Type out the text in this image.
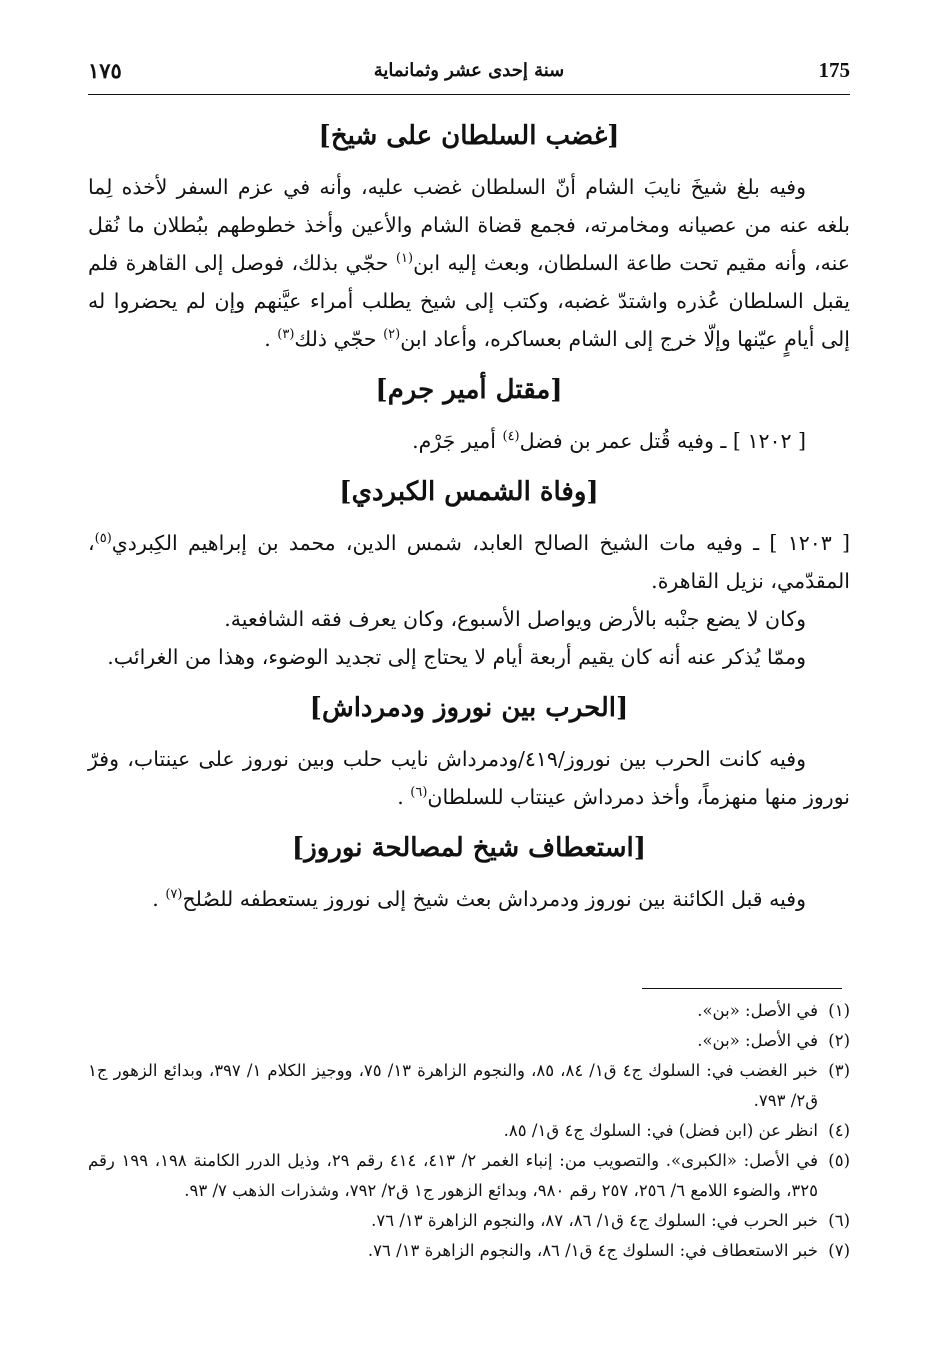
175
سنة إحدى عشر وثمانماية
١٧٥
[غضب السلطان على شيخ]

وفيه بلغ شيخَ نايبَ الشام أنّ السلطان غضب عليه، وأنه في عزم السفر لأخذه لِما بلغه عنه من عصيانه ومخامرته، فجمع قضاة الشام والأعين وأخذ خطوطهم ببُطلان ما نُقل عنه، وأنه مقيم تحت طاعة السلطان، وبعث إليه ابن$^{(١)}$ حجّي بذلك، فوصل إلى القاهرة فلم يقبل السلطان عُذره واشتدّ غضبه، وكتب إلى شيخ يطلب أمراء عيَّنهم وإن لم يحضروا له إلى أيامٍ عيّنها وإلّا خرج إلى الشام بعساكره، وأعاد ابن$^{(٢)}$ حجّي ذلك$^{(٣)}$ .

[مقتل أمير جرم]

[ ١٢٠٢ ] ـ وفيه قُتل عمر بن فضل$^{(٤)}$ أمير جَرْم.

[وفاة الشمس الكبردي]

[ ١٢٠٣ ] ـ وفيه مات الشيخ الصالح العابد، شمس الدين، محمد بن إبراهيم الكِبردي$^{(٥)}$، المقدّمي، نزيل القاهرة.

وكان لا يضع جنْبه بالأرض ويواصل الأسبوع، وكان يعرف فقه الشافعية.

وممّا يُذكر عنه أنه كان يقيم أربعة أيام لا يحتاج إلى تجديد الوضوء، وهذا من الغرائب.

[الحرب بين نوروز ودمرداش]

وفيه كانت الحرب بين نوروز/٤١٩/ودمرداش نايب حلب وبين نوروز على عينتاب، وفرّ نوروز منها منهزماً، وأخذ دمرداش عينتاب للسلطان$^{(٦)}$ .

[استعطاف شيخ لمصالحة نوروز]

وفيه قبل الكائنة بين نوروز ودمرداش بعث شيخ إلى نوروز يستعطفه للصُلح$^{(٧)}$ .

(١)
في الأصل: «بن».

(٢)
في الأصل: «بن».

(٣)
خبر الغضب في: السلوك ج٤ ق١/ ٨٤، ٨٥، والنجوم الزاهرة ١٣/ ٧٥، ووجيز الكلام ١/ ٣٩٧، وبدائع الزهور ج١ ق٢/ ٧٩٣.

(٤)
انظر عن (ابن فضل) في: السلوك ج٤ ق١/ ٨٥.

(٥)
في الأصل: «الكبرى». والتصويب من: إنباء الغمر ٢/ ٤١٣، ٤١٤ رقم ٢٩، وذيل الدرر الكامنة ١٩٨، ١٩٩ رقم ٣٢٥، والضوء اللامع ٦/ ٢٥٦، ٢٥٧ رقم ٩٨٠، وبدائع الزهور ج١ ق٢/ ٧٩٢، وشذرات الذهب ٧/ ٩٣.

(٦)
خبر الحرب في: السلوك ج٤ ق١/ ٨٦، ٨٧، والنجوم الزاهرة ١٣/ ٧٦.

(٧)
خبر الاستعطاف في: السلوك ج٤ ق١/ ٨٦، والنجوم الزاهرة ١٣/ ٧٦.
